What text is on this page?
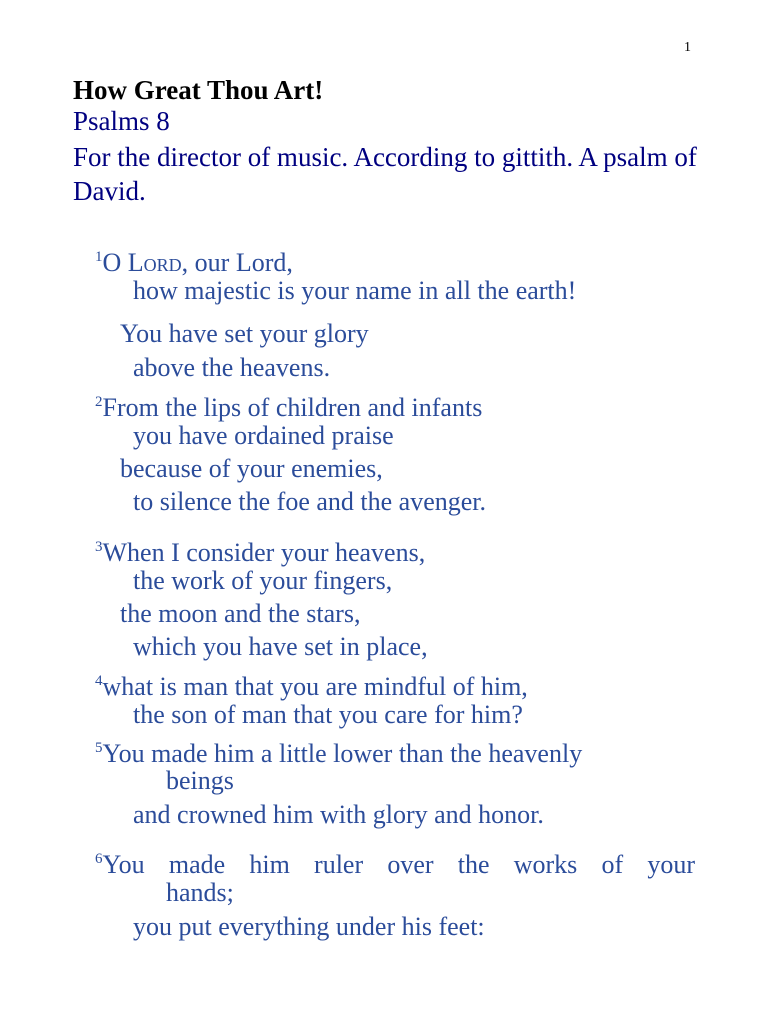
1
How Great Thou Art!
Psalms 8
For the director of music. According to gittith. A psalm of David.
$^1$O Lord, our Lord,
how majestic is your name in all the earth!
You have set your glory
above the heavens.
$^2$From the lips of children and infants
you have ordained praise
because of your enemies,
to silence the foe and the avenger.
$^3$When I consider your heavens,
the work of your fingers,
the moon and the stars,
which you have set in place,
$^4$what is man that you are mindful of him,
the son of man that you care for him?
$^5$You made him a little lower than the heavenly
beings
and crowned him with glory and honor.
$^6$You made him ruler over the works of your
hands;
you put everything under his feet:
